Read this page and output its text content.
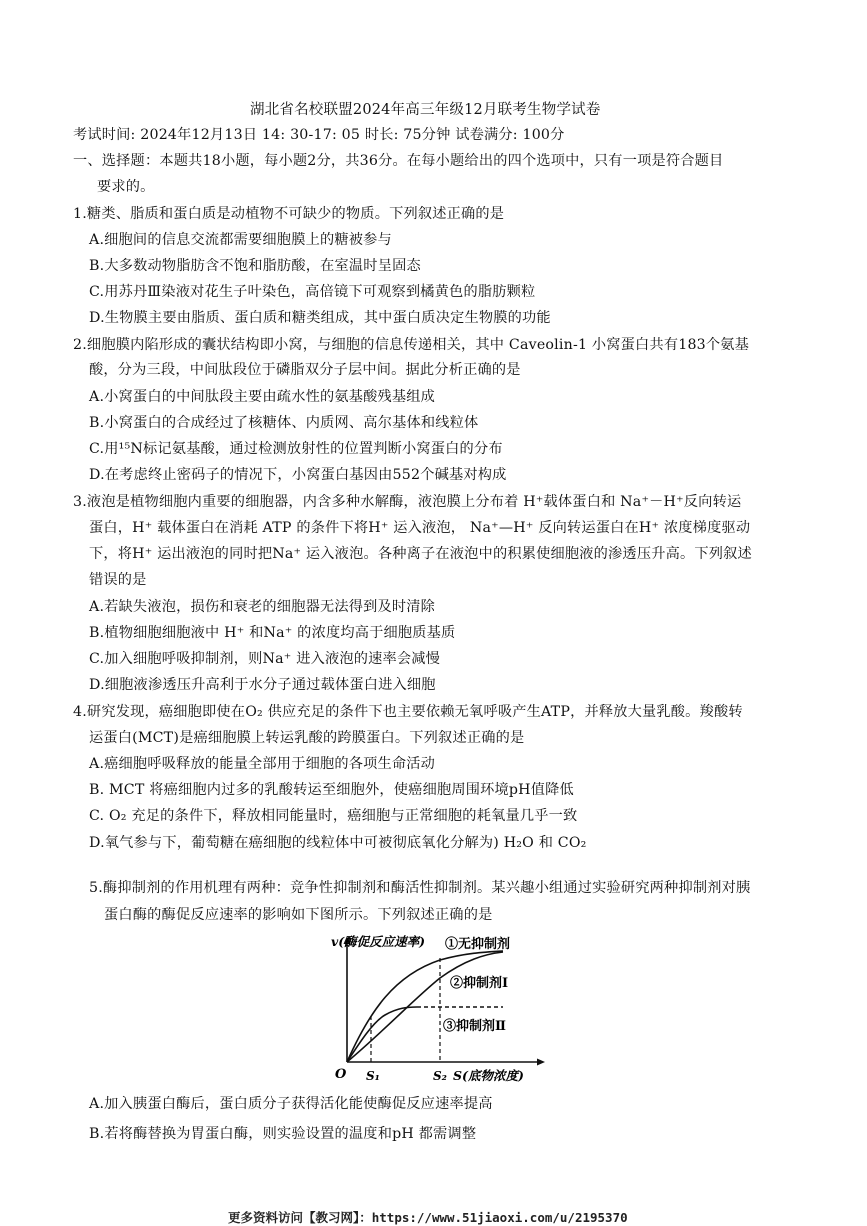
湖北省名校联盟2024年高三年级12月联考生物学试卷
考试时间: 2024年12月13日 14: 30-17: 05 时长: 75分钟 试卷满分: 100分
一、选择题：本题共18小题，每小题2分，共36分。在每小题给出的四个选项中，只有一项是符合题目
要求的。
1.糖类、脂质和蛋白质是动植物不可缺少的物质。下列叙述正确的是
A.细胞间的信息交流都需要细胞膜上的糖被参与
B.大多数动物脂肪含不饱和脂肪酸，在室温时呈固态
C.用苏丹Ⅲ染液对花生子叶染色，高倍镜下可观察到橘黄色的脂肪颗粒
D.生物膜主要由脂质、蛋白质和糖类组成，其中蛋白质决定生物膜的功能
2.细胞膜内陷形成的囊状结构即小窝，与细胞的信息传递相关，其中 Caveolin-1 小窝蛋白共有183个氨基
酸，分为三段，中间肽段位于磷脂双分子层中间。据此分析正确的是
A.小窝蛋白的中间肽段主要由疏水性的氨基酸残基组成
B.小窝蛋白的合成经过了核糖体、内质网、高尔基体和线粒体
C.用¹⁵N标记氨基酸，通过检测放射性的位置判断小窝蛋白的分布
D.在考虑终止密码子的情况下，小窝蛋白基因由552个碱基对构成
3.液泡是植物细胞内重要的细胞器，内含多种水解酶，液泡膜上分布着 H⁺载体蛋白和 Na⁺－H⁺反向转运
蛋白，H⁺ 载体蛋白在消耗 ATP 的条件下将H⁺ 运入液泡， Na⁺—H⁺ 反向转运蛋白在H⁺ 浓度梯度驱动
下，将H⁺ 运出液泡的同时把Na⁺ 运入液泡。各种离子在液泡中的积累使细胞液的渗透压升高。下列叙述
错误的是
A.若缺失液泡，损伤和衰老的细胞器无法得到及时清除
B.植物细胞细胞液中 H⁺ 和Na⁺ 的浓度均高于细胞质基质
C.加入细胞呼吸抑制剂，则Na⁺ 进入液泡的速率会减慢
D.细胞液渗透压升高利于水分子通过载体蛋白进入细胞
4.研究发现，癌细胞即使在O₂ 供应充足的条件下也主要依赖无氧呼吸产生ATP，并释放大量乳酸。羧酸转
运蛋白(MCT)是癌细胞膜上转运乳酸的跨膜蛋白。下列叙述正确的是
A.癌细胞呼吸释放的能量全部用于细胞的各项生命活动
B. MCT 将癌细胞内过多的乳酸转运至细胞外，使癌细胞周围环境pH值降低
C. O₂ 充足的条件下，释放相同能量时，癌细胞与正常细胞的耗氧量几乎一致
D.氧气参与下，葡萄糖在癌细胞的线粒体中可被彻底氧化分解为) H₂O 和 CO₂
5.酶抑制剂的作用机理有两种：竞争性抑制剂和酶活性抑制剂。某兴趣小组通过实验研究两种抑制剂对胰
蛋白酶的酶促反应速率的影响如下图所示。下列叙述正确的是
v(酶促反应速率) ①无抑制剂
②抑制剂Ⅰ
③抑制剂Ⅱ
O S₁	S₂ S(底物浓度)
A.加入胰蛋白酶后，蛋白质分子获得活化能使酶促反应速率提高
B.若将酶替换为胃蛋白酶，则实验设置的温度和pH 都需调整
更多资料访问【教习网】：https://www.51jiaoxi.com/u/2195370
